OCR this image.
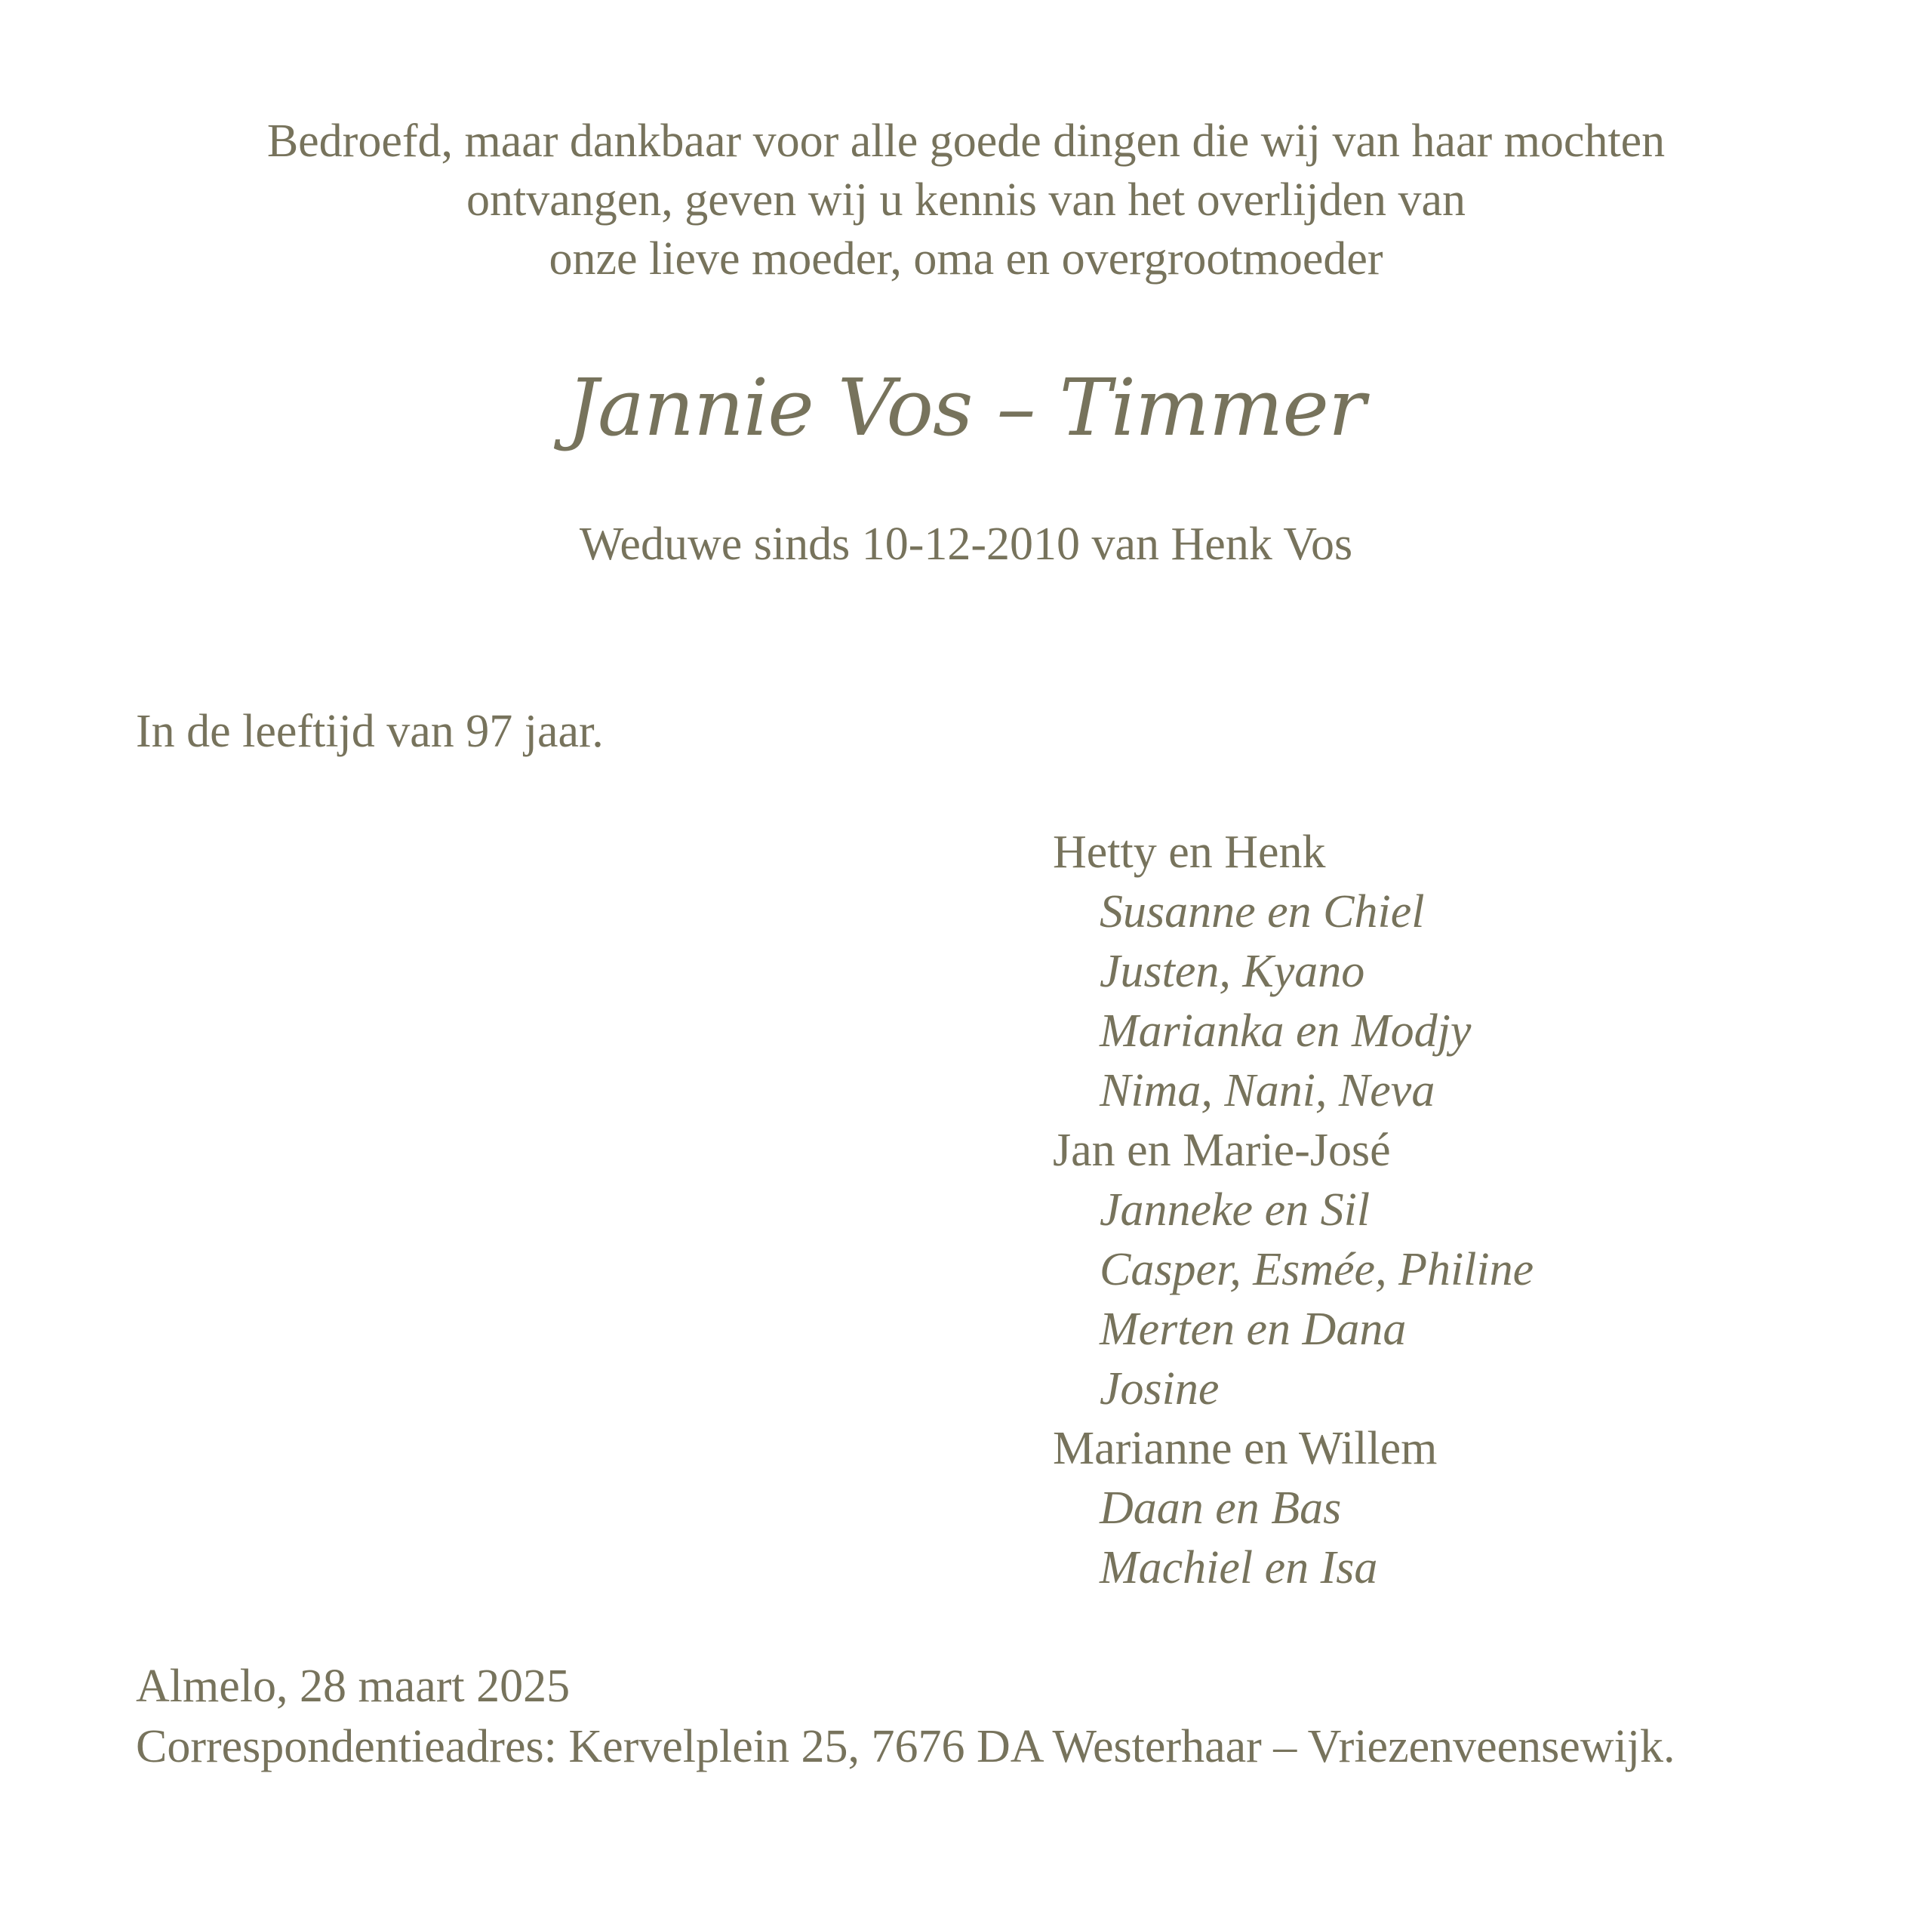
Bedroefd, maar dankbaar voor alle goede dingen die wij van haar mochten
ontvangen, geven wij u kennis van het overlijden van
onze lieve moeder, oma en overgrootmoeder
Jannie Vos – Timmer
Weduwe sinds 10-12-2010 van Henk Vos
In de leeftijd van 97 jaar.
Hetty en Henk
Susanne en Chiel
Justen, Kyano
Marianka en Modjy
Nima, Nani, Neva
Jan en Marie-José
Janneke en Sil
Casper, Esmée, Philine
Merten en Dana
Josine
Marianne en Willem
Daan en Bas
Machiel en Isa
Almelo, 28 maart 2025
Correspondentieadres: Kervelplein 25, 7676 DA Westerhaar – Vriezenveensewijk.
